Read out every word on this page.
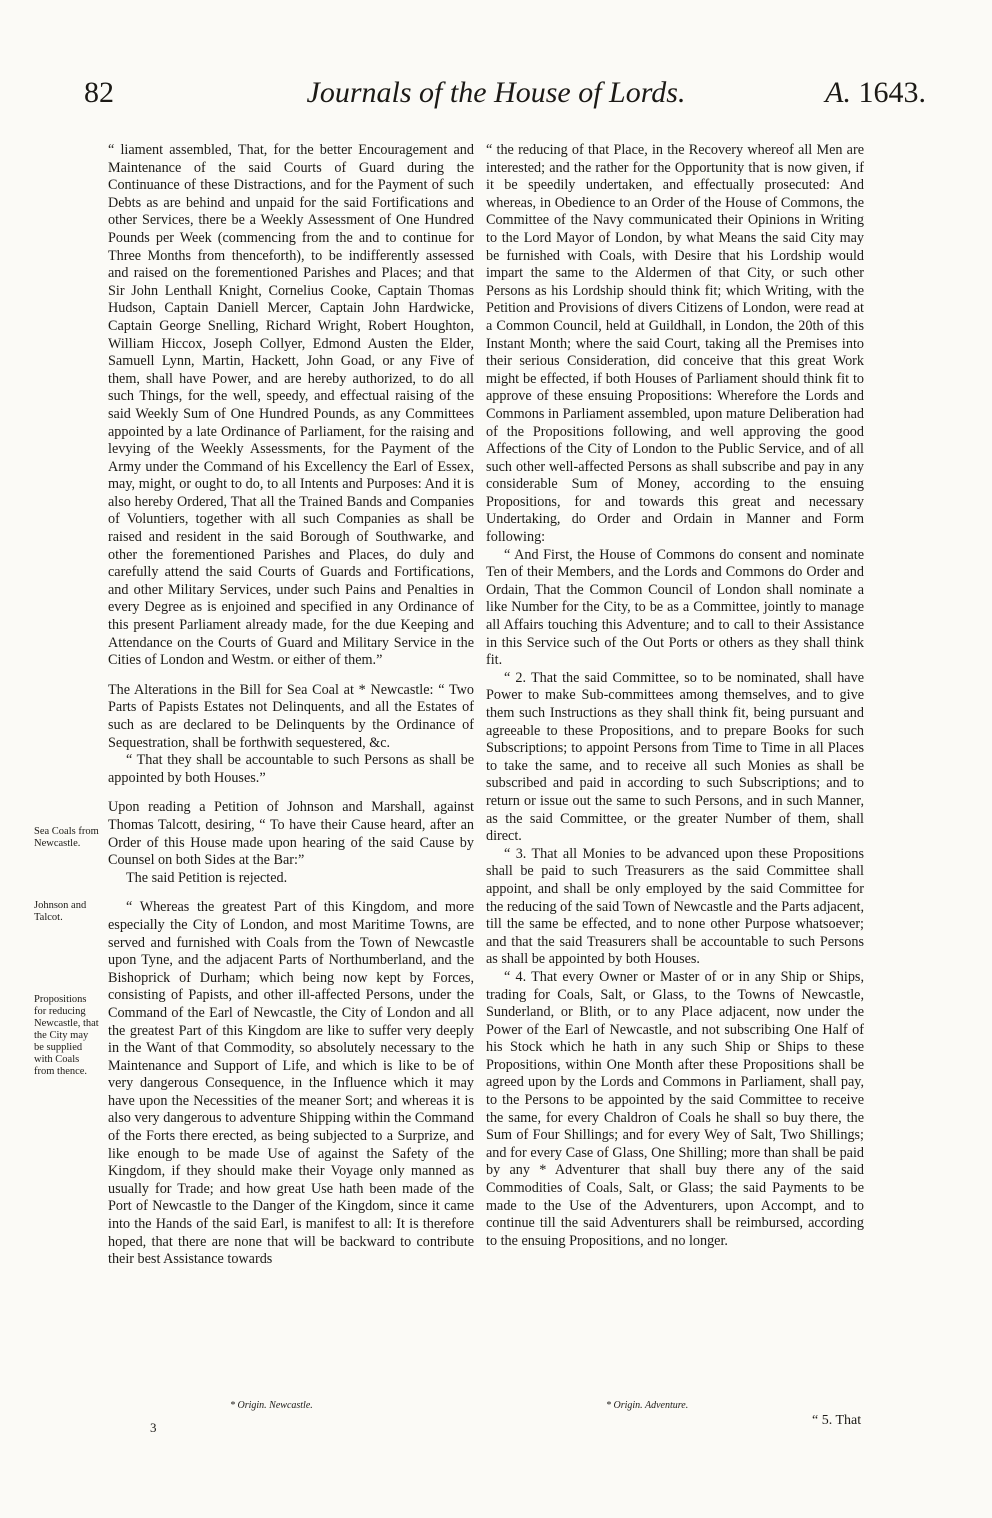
82	Journals of the House of Lords.	A. 1643.

“ liament assembled, That, for the better Encouragement and Maintenance of the said Courts of Guard during the Continuance of these Distractions, and for the Payment of such Debts as are behind and unpaid for the said Fortifications and other Services, there be a Weekly Assessment of One Hundred Pounds per Week (commencing from the and to continue for Three Months from thenceforth), to be indifferently assessed and raised on the forementioned Parishes and Places; and that Sir John Lenthall Knight, Cornelius Cooke, Captain Thomas Hudson, Captain Daniell Mercer, Captain John Hardwicke, Captain George Snelling, Richard Wright, Robert Houghton, William Hiccox, Joseph Collyer, Edmond Austen the Elder, Samuell Lynn, Martin, Hackett, John Goad, or any Five of them, shall have Power, and are hereby authorized, to do all such Things, for the well, speedy, and effectual raising of the said Weekly Sum of One Hundred Pounds, as any Committees appointed by a late Ordinance of Parliament, for the raising and levying of the Weekly Assessments, for the Payment of the Army under the Command of his Excellency the Earl of Essex, may, might, or ought to do, to all Intents and Purposes: And it is also hereby Ordered, That all the Trained Bands and Companies of Voluntiers, together with all such Companies as shall be raised and resident in the said Borough of Southwarke, and other the forementioned Parishes and Places, do duly and carefully attend the said Courts of Guards and Fortifications, and other Military Services, under such Pains and Penalties in every Degree as is enjoined and specified in any Ordinance of this present Parliament already made, for the due Keeping and Attendance on the Courts of Guard and Military Service in the Cities of London and Westm. or either of them.”

The Alterations in the Bill for Sea Coal at * Newcastle: “ Two Parts of Papists Estates not Delinquents, and all the Estates of such as are declared to be Delinquents by the Ordinance of Sequestration, shall be forthwith sequestered, &c.

“ That they shall be accountable to such Persons as shall be appointed by both Houses.”

Upon reading a Petition of Johnson and Marshall, against Thomas Talcott, desiring, “ To have their Cause heard, after an Order of this House made upon hearing of the said Cause by Counsel on both Sides at the Bar:”

The said Petition is rejected.

“ Whereas the greatest Part of this Kingdom, and more especially the City of London, and most Maritime Towns, are served and furnished with Coals from the Town of Newcastle upon Tyne, and the adjacent Parts of Northumberland, and the Bishoprick of Durham; which being now kept by Forces, consisting of Papists, and other ill-affected Persons, under the Command of the Earl of Newcastle, the City of London and all the greatest Part of this Kingdom are like to suffer very deeply in the Want of that Commodity, so absolutely necessary to the Maintenance and Support of Life, and which is like to be of very dangerous Consequence, in the Influence which it may have upon the Necessities of the meaner Sort; and whereas it is also very dangerous to adventure Shipping within the Command of the Forts there erected, as being subjected to a Surprize, and like enough to be made Use of against the Safety of the Kingdom, if they should make their Voyage only manned as usually for Trade; and how great Use hath been made of the Port of Newcastle to the Danger of the Kingdom, since it came into the Hands of the said Earl, is manifest to all: It is therefore hoped, that there are none that will be backward to contribute their best Assistance towards

“ the reducing of that Place, in the Recovery whereof all Men are interested; and the rather for the Opportunity that is now given, if it be speedily undertaken, and effectually prosecuted: And whereas, in Obedience to an Order of the House of Commons, the Committee of the Navy communicated their Opinions in Writing to the Lord Mayor of London, by what Means the said City may be furnished with Coals, with Desire that his Lordship would impart the same to the Aldermen of that City, or such other Persons as his Lordship should think fit; which Writing, with the Petition and Provisions of divers Citizens of London, were read at a Common Council, held at Guildhall, in London, the 20th of this Instant Month; where the said Court, taking all the Premises into their serious Consideration, did conceive that this great Work might be effected, if both Houses of Parliament should think fit to approve of these ensuing Propositions: Wherefore the Lords and Commons in Parliament assembled, upon mature Deliberation had of the Propositions following, and well approving the good Affections of the City of London to the Public Service, and of all such other well-affected Persons as shall subscribe and pay in any considerable Sum of Money, according to the ensuing Propositions, for and towards this great and necessary Undertaking, do Order and Ordain in Manner and Form following:

“ And First, the House of Commons do consent and nominate Ten of their Members, and the Lords and Commons do Order and Ordain, That the Common Council of London shall nominate a like Number for the City, to be as a Committee, jointly to manage all Affairs touching this Adventure; and to call to their Assistance in this Service such of the Out Ports or others as they shall think fit.

“ 2. That the said Committee, so to be nominated, shall have Power to make Sub-committees among themselves, and to give them such Instructions as they shall think fit, being pursuant and agreeable to these Propositions, and to prepare Books for such Subscriptions; to appoint Persons from Time to Time in all Places to take the same, and to receive all such Monies as shall be subscribed and paid in according to such Subscriptions; and to return or issue out the same to such Persons, and in such Manner, as the said Committee, or the greater Number of them, shall direct.

“ 3. That all Monies to be advanced upon these Propositions shall be paid to such Treasurers as the said Committee shall appoint, and shall be only employed by the said Committee for the reducing of the said Town of Newcastle and the Parts adjacent, till the same be effected, and to none other Purpose whatsoever; and that the said Treasurers shall be accountable to such Persons as shall be appointed by both Houses.

“ 4. That every Owner or Master of or in any Ship or Ships, trading for Coals, Salt, or Glass, to the Towns of Newcastle, Sunderland, or Blith, or to any Place adjacent, now under the Power of the Earl of Newcastle, and not subscribing One Half of his Stock which he hath in any such Ship or Ships to these Propositions, within One Month after these Propositions shall be agreed upon by the Lords and Commons in Parliament, shall pay, to the Persons to be appointed by the said Committee to receive the same, for every Chaldron of Coals he shall so buy there, the Sum of Four Shillings; and for every Wey of Salt, Two Shillings; and for every Case of Glass, One Shilling; more than shall be paid by any * Adventurer that shall buy there any of the said Commodities of Coals, Salt, or Glass; the said Payments to be made to the Use of the Adventurers, upon Accompt, and to continue till the said Adventurers shall be reimbursed, according to the ensuing Propositions, and no longer.

Sea Coals from Newcastle.
Johnson and Talcot.
Propositions for reducing Newcastle, that the City may be supplied with Coals from thence.
* Origin. Newcastle.	* Origin. Adventure.
3	“ 5. That
